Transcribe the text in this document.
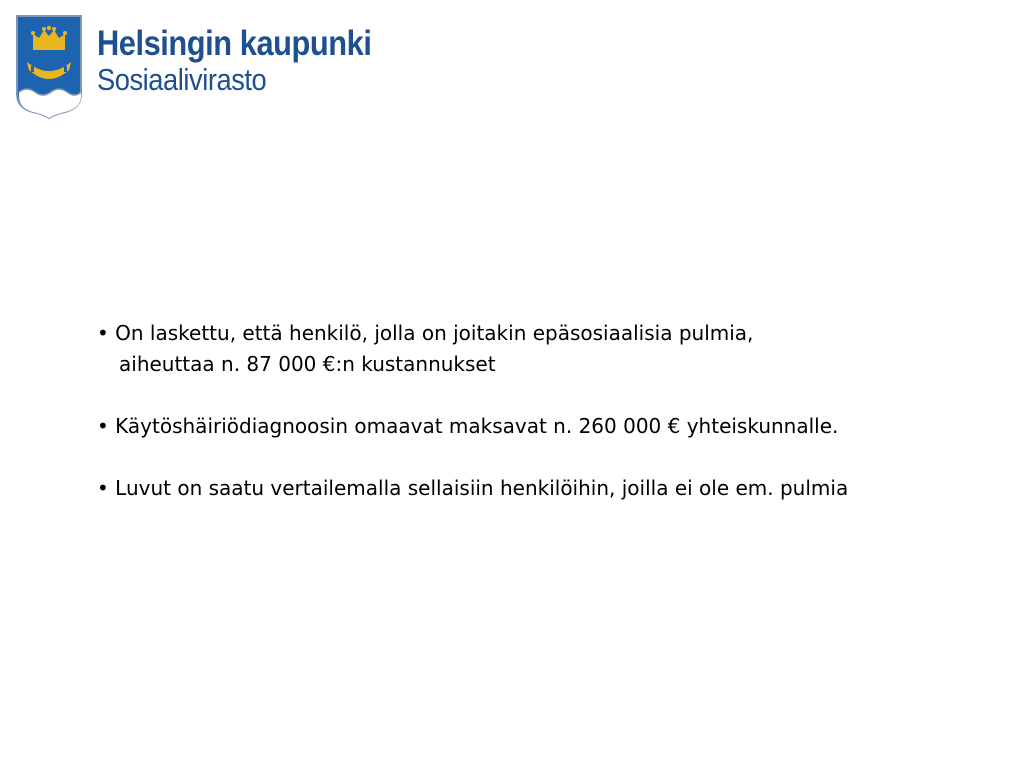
Helsingin kaupunki
Sosiaalivirasto
• On laskettu, että henkilö, jolla on joitakin epäsosiaalisia pulmia,
aiheuttaa n. 87 000 €:n kustannukset
• Käytöshäiriödiagnoosin omaavat maksavat n. 260 000 € yhteiskunnalle.
• Luvut on saatu vertailemalla sellaisiin henkilöihin, joilla ei ole em. pulmia
